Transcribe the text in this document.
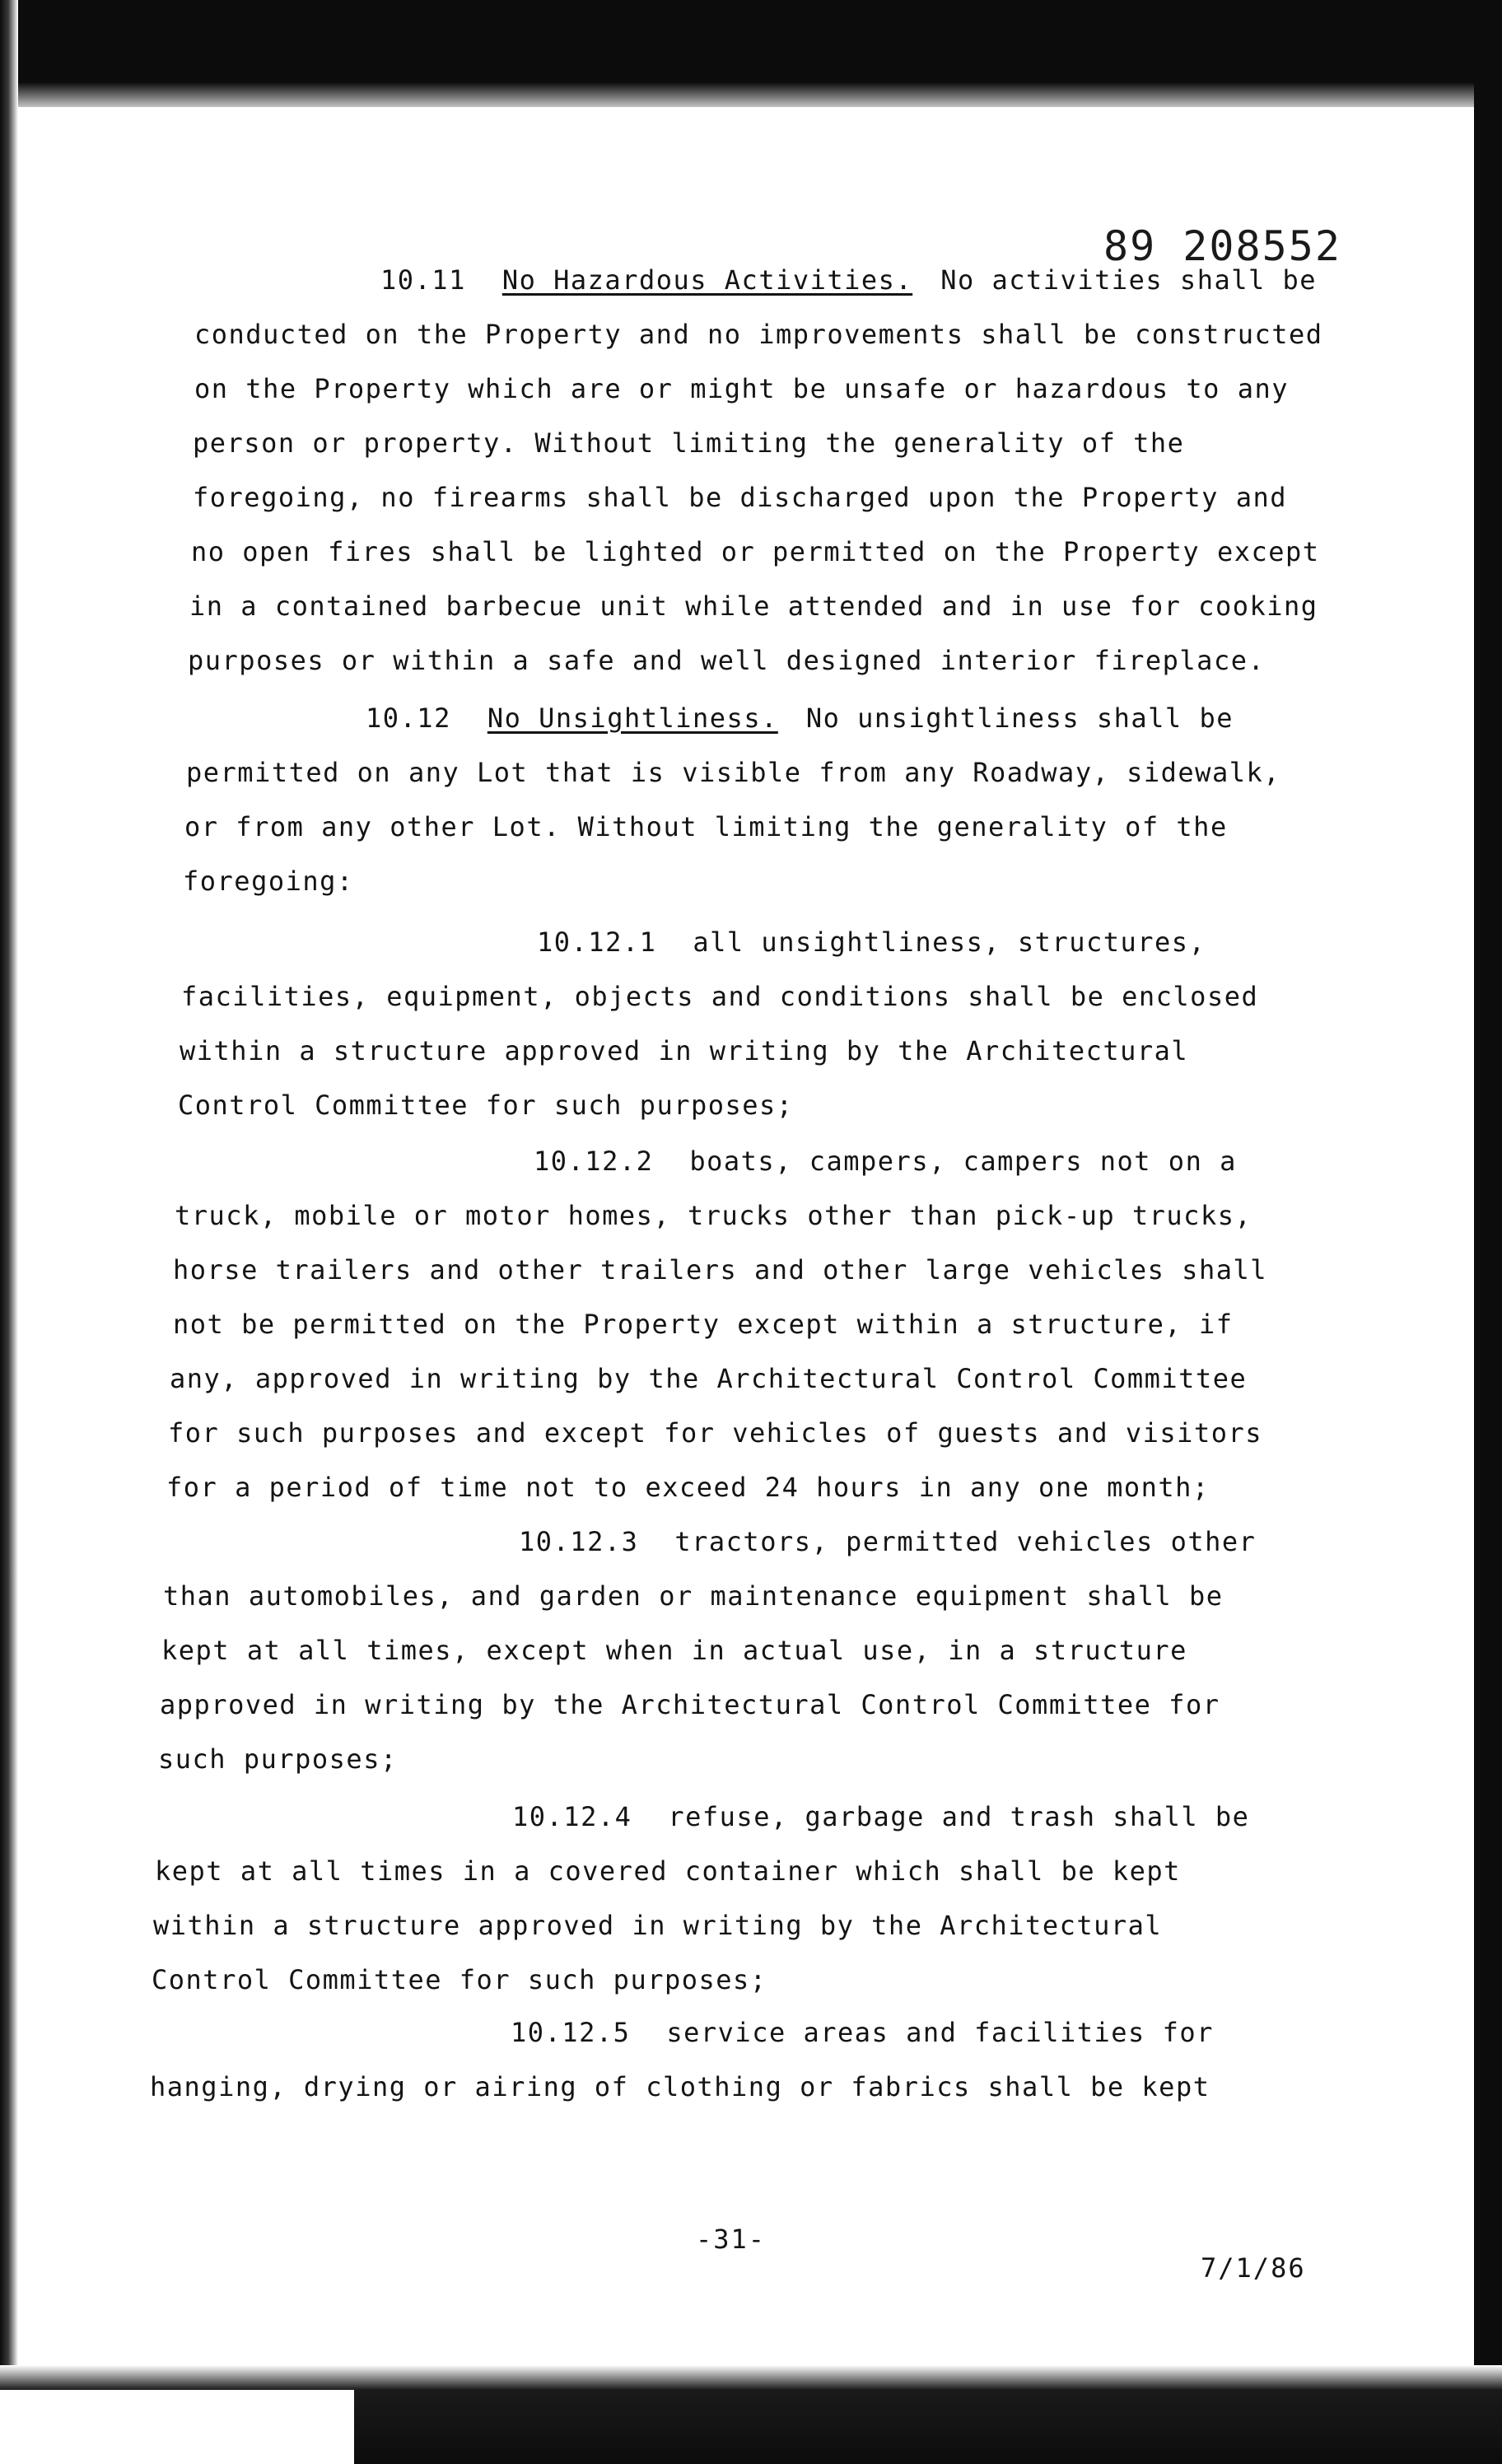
89 208552
10.11 No Hazardous Activities. No activities shall be
conducted on the Property and no improvements shall be constructed
on the Property which are or might be unsafe or hazardous to any
person or property. Without limiting the generality of the
foregoing, no firearms shall be discharged upon the Property and
no open fires shall be lighted or permitted on the Property except
in a contained barbecue unit while attended and in use for cooking
purposes or within a safe and well designed interior fireplace.
10.12 No Unsightliness. No unsightliness shall be
permitted on any Lot that is visible from any Roadway, sidewalk,
or from any other Lot. Without limiting the generality of the
foregoing:
10.12.1 all unsightliness, structures,
facilities, equipment, objects and conditions shall be enclosed
within a structure approved in writing by the Architectural
Control Committee for such purposes;
10.12.2 boats, campers, campers not on a
truck, mobile or motor homes, trucks other than pick-up trucks,
horse trailers and other trailers and other large vehicles shall
not be permitted on the Property except within a structure, if
any, approved in writing by the Architectural Control Committee
for such purposes and except for vehicles of guests and visitors
for a period of time not to exceed 24 hours in any one month;
10.12.3 tractors, permitted vehicles other
than automobiles, and garden or maintenance equipment shall be
kept at all times, except when in actual use, in a structure
approved in writing by the Architectural Control Committee for
such purposes;
10.12.4 refuse, garbage and trash shall be
kept at all times in a covered container which shall be kept
within a structure approved in writing by the Architectural
Control Committee for such purposes;
10.12.5 service areas and facilities for
hanging, drying or airing of clothing or fabrics shall be kept
-31-
7/1/86
